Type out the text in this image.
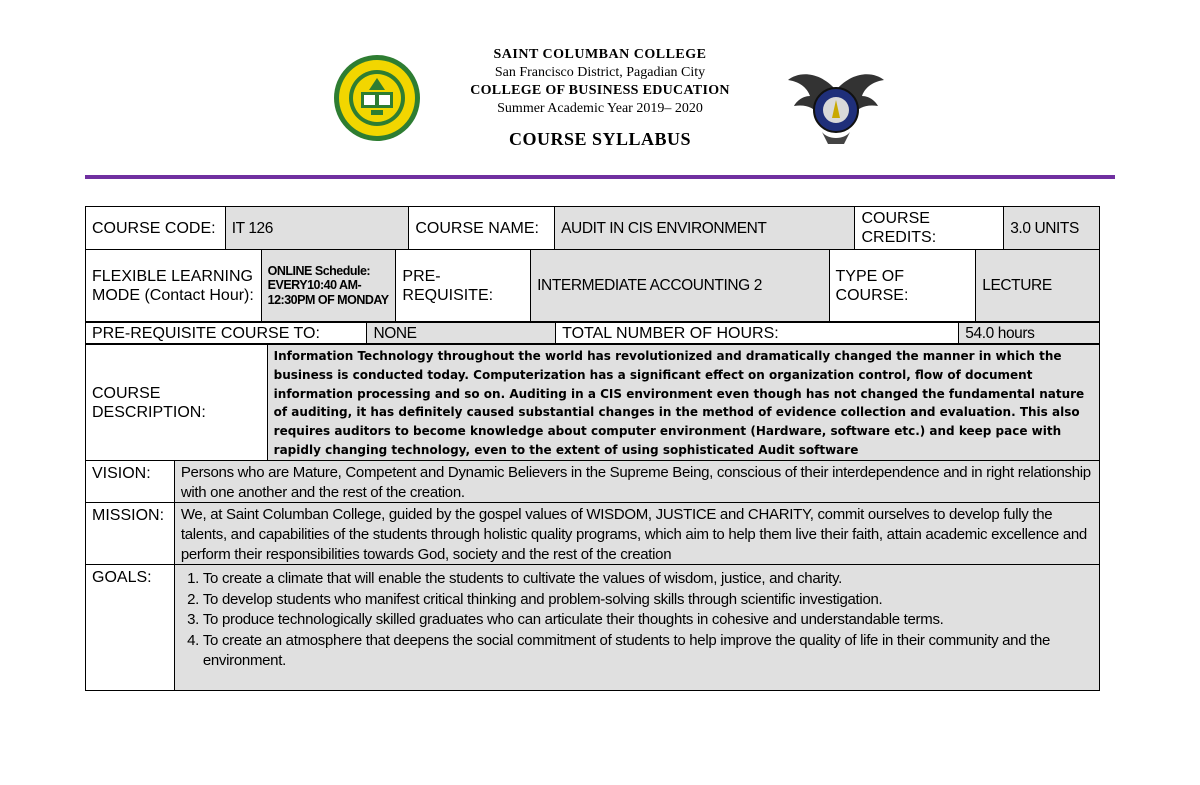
SAINT COLUMBAN COLLEGE
San Francisco District, Pagadian City
COLLEGE OF BUSINESS EDUCATION
Summer Academic Year 2019– 2020
COURSE SYLLABUS
COURSE CODE:	IT 126	COURSE NAME:	AUDIT IN CIS ENVIRONMENT
COURSE CREDITS:
3.0 UNITS
FLEXIBLE LEARNING MODE (Contact Hour):
ONLINE Schedule: EVERY10:40 AM- 12:30PM OF MONDAY
PRE-REQUISITE:
INTERMEDIATE ACCOUNTING 2
TYPE OF COURSE:
LECTURE
PRE-REQUISITE COURSE TO:	NONE	TOTAL NUMBER OF HOURS:	54.0 hours
COURSE DESCRIPTION:
Information Technology throughout the world has revolutionized and dramatically changed the manner in which the business is conducted today. Computerization has a significant effect on organization control, flow of document information processing and so on. Auditing in a CIS environment even though has not changed the fundamental nature of auditing, it has definitely caused substantial changes in the method of evidence collection and evaluation. This also requires auditors to become knowledge about computer environment (Hardware, software etc.) and keep pace with rapidly changing technology, even to the extent of using sophisticated Audit software
VISION:	Persons who are Mature, Competent and Dynamic Believers in the Supreme Being, conscious of their interdependence and in right relationship with one another and the rest of the creation.
MISSION:	We, at Saint Columban College, guided by the gospel values of WISDOM, JUSTICE and CHARITY, commit ourselves to develop fully the talents, and capabilities of the students through holistic quality programs, which aim to help them live their faith, attain academic excellence and perform their responsibilities towards God, society and the rest of the creation
GOALS:
1.	To create a climate that will enable the students to cultivate the values of wisdom, justice, and charity.
2. To develop students who manifest critical thinking and problem-solving skills through scientific investigation.
3. To produce technologically skilled graduates who can articulate their thoughts in cohesive and understandable terms.
4. To create an atmosphere that deepens the social commitment of students to help improve the quality of life in their community and the environment.
